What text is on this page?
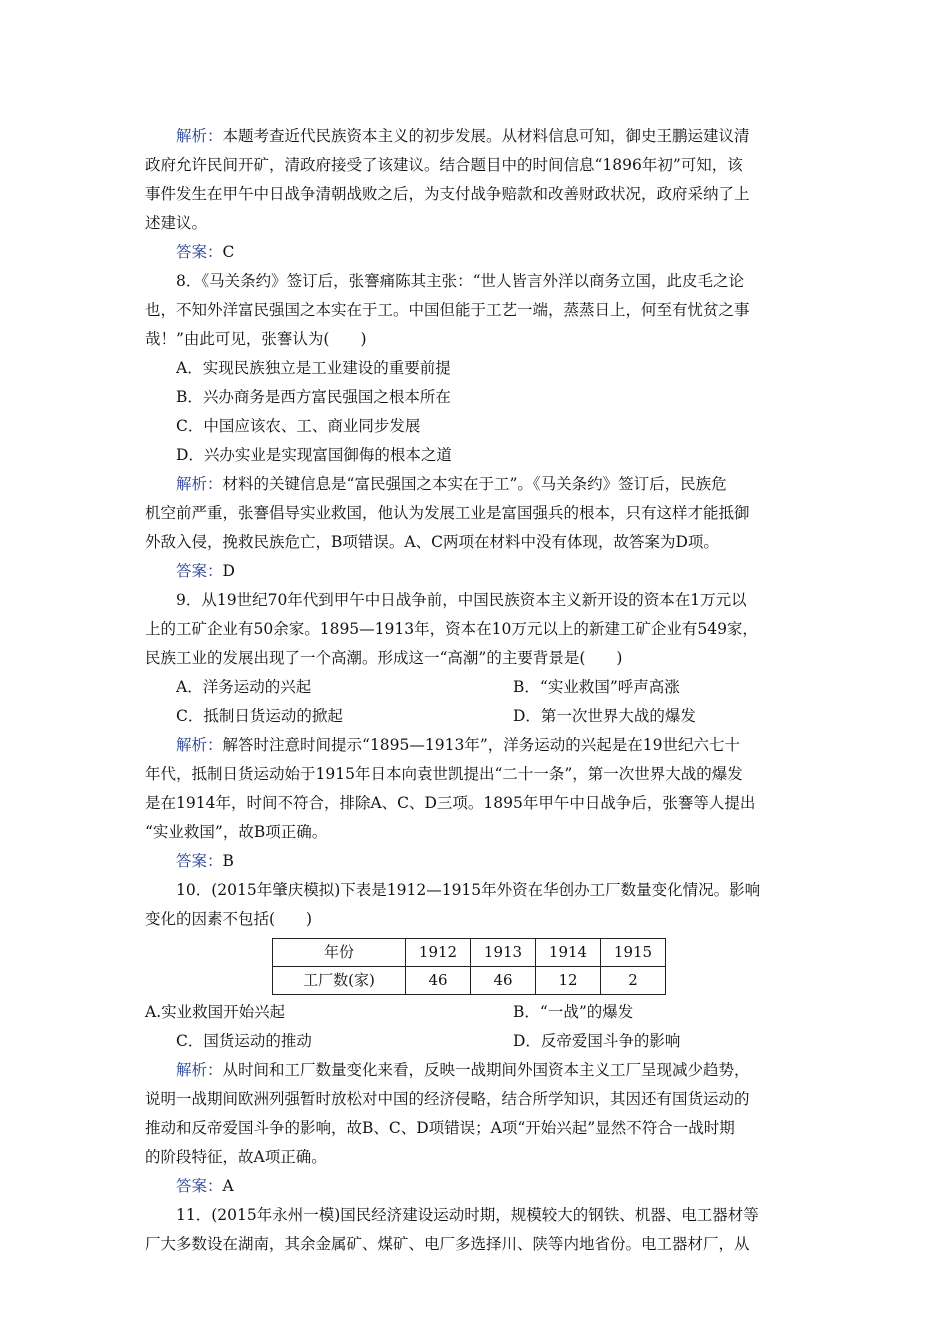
解析：本题考查近代民族资本主义的初步发展。从材料信息可知，御史王鹏运建议清
政府允许民间开矿，清政府接受了该建议。结合题目中的时间信息“1896年初”可知，该
事件发生在甲午中日战争清朝战败之后，为支付战争赔款和改善财政状况，政府采纳了上
述建议。
答案：C
8．《马关条约》签订后，张謇痛陈其主张：“世人皆言外洋以商务立国，此皮毛之论
也，不知外洋富民强国之本实在于工。中国但能于工艺一端，蒸蒸日上，何至有忧贫之事
哉！”由此可见，张謇认为(　　)
A．实现民族独立是工业建设的重要前提
B．兴办商务是西方富民强国之根本所在
C．中国应该农、工、商业同步发展
D．兴办实业是实现富国御侮的根本之道
解析：材料的关键信息是“富民强国之本实在于工”。《马关条约》签订后，民族危
机空前严重，张謇倡导实业救国，他认为发展工业是富国强兵的根本，只有这样才能抵御
外敌入侵，挽救民族危亡，B项错误。A、C两项在材料中没有体现，故答案为D项。
答案：D
9．从19世纪70年代到甲午中日战争前，中国民族资本主义新开设的资本在1万元以
上的工矿企业有50余家。1895—1913年，资本在10万元以上的新建工矿企业有549家，
民族工业的发展出现了一个高潮。形成这一“高潮”的主要背景是(　　)
A．洋务运动的兴起	B．“实业救国”呼声高涨
C．抵制日货运动的掀起	D．第一次世界大战的爆发
解析：解答时注意时间提示“1895—1913年”，洋务运动的兴起是在19世纪六七十
年代，抵制日货运动始于1915年日本向袁世凯提出“二十一条”，第一次世界大战的爆发
是在1914年，时间不符合，排除A、C、D三项。1895年甲午中日战争后，张謇等人提出
“实业救国”，故B项正确。
答案：B
10．(2015年肇庆模拟)下表是1912—1915年外资在华创办工厂数量变化情况。影响
变化的因素不包括(　　)
年份	1912	1913	1914	1915
工厂数(家)	46	46	12	2
A.实业救国开始兴起	B．“一战”的爆发
C．国货运动的推动	D．反帝爱国斗争的影响
解析：从时间和工厂数量变化来看，反映一战期间外国资本主义工厂呈现减少趋势，
说明一战期间欧洲列强暂时放松对中国的经济侵略，结合所学知识，其因还有国货运动的
推动和反帝爱国斗争的影响，故B、C、D项错误；A项“开始兴起”显然不符合一战时期
的阶段特征，故A项正确。
答案：A
11．(2015年永州一模)国民经济建设运动时期，规模较大的钢铁、机器、电工器材等
厂大多数设在湖南，其余金属矿、煤矿、电厂多选择川、陕等内地省份。电工器材厂，从
